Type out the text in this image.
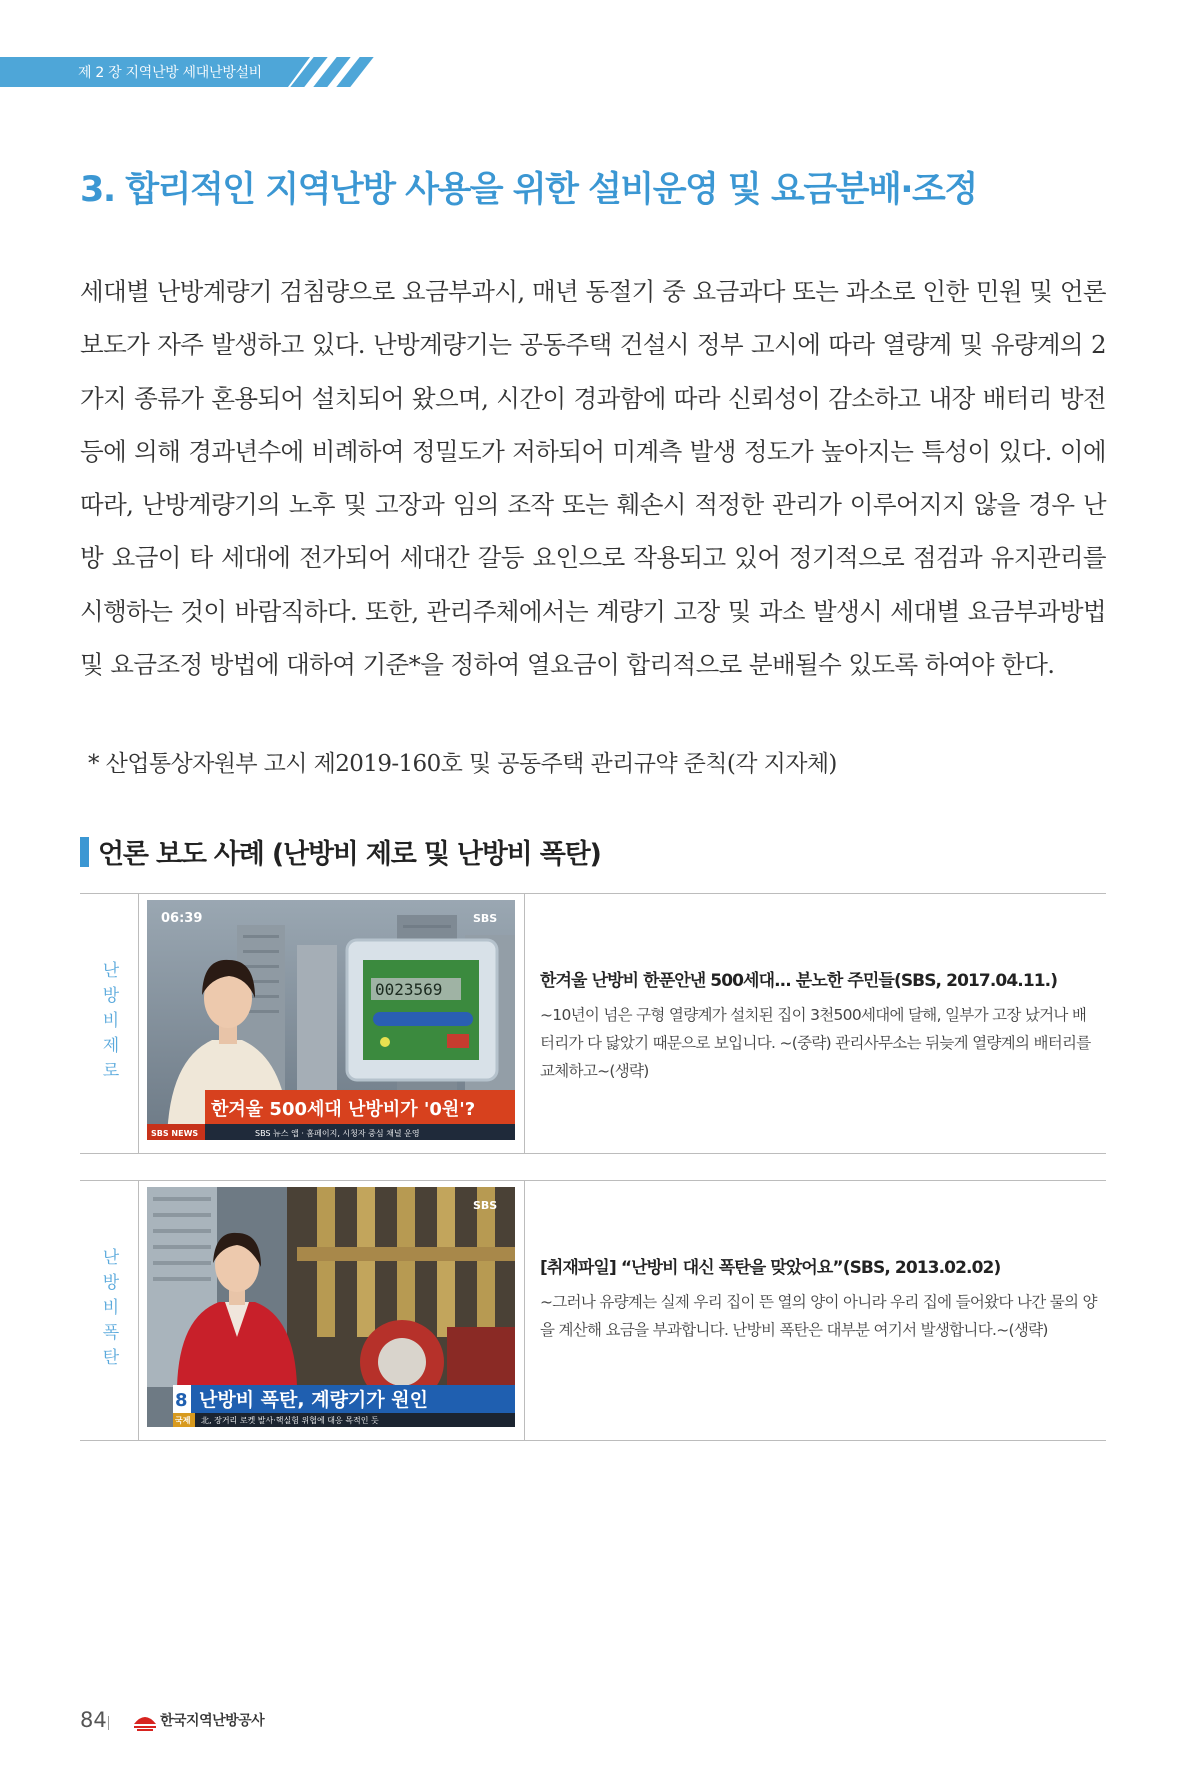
제 2 장 지역난방 세대난방설비
3. 합리적인 지역난방 사용을 위한 설비운영 및 요금분배·조정

세대별 난방계량기 검침량으로 요금부과시, 매년 동절기 중 요금과다 또는 과소로 인한 민원 및 언론보도가 자주 발생하고 있다. 난방계량기는 공동주택 건설시 정부 고시에 따라 열량계 및 유량계의 2가지 종류가 혼용되어 설치되어 왔으며, 시간이 경과함에 따라 신뢰성이 감소하고 내장 배터리 방전 등에 의해 경과년수에 비례하여 정밀도가 저하되어 미계측 발생 정도가 높아지는 특성이 있다. 이에 따라, 난방계량기의 노후 및 고장과 임의 조작 또는 훼손시 적정한 관리가 이루어지지 않을 경우 난방 요금이 타 세대에 전가되어 세대간 갈등 요인으로 작용되고 있어 정기적으로 점검과 유지관리를 시행하는 것이 바람직하다. 또한, 관리주체에서는 계량기 고장 및 과소 발생시 세대별 요금부과방법 및 요금조정 방법에 대하여 기준*을 정하여 열요금이 합리적으로 분배될수 있도록 하여야 한다.

* 산업통상자원부 고시 제2019-160호 및 공동주택 관리규약 준칙(각 지자체)
언론 보도 사례 (난방비 제로 및 난방비 폭탄)
난방비제로	0023569
06:39	SBS
한겨울 500세대 난방비가 '0원'?
SBS NEWS	SBS 뉴스 앱 · 홈페이지, 시청자 중심 채널 운영

한겨울 난방비 한푼안낸 500세대... 분노한 주민들(SBS, 2017.04.11.)

~10년이 넘은 구형 열량계가 설치된 집이 3천500세대에 달해, 일부가 고장 났거나 배터리가 다 닳았기 때문으로 보입니다. ~(중략) 관리사무소는 뒤늦게 열량계의 배터리를 교체하고~(생략)

난방비폭탄
SBS
8 난방비 폭탄, 계량기가 원인
국제 北, 장거리 로켓 발사·핵실험 위협에 대응 목적인 듯

[취재파일] “난방비 대신 폭탄을 맞았어요”(SBS, 2013.02.02)

~그러나 유량계는 실제 우리 집이 뜬 열의 양이 아니라 우리 집에 들어왔다 나간 물의 양을 계산해 요금을 부과합니다. 난방비 폭탄은 대부분 여기서 발생합니다.~(생략)

84	한국지역난방공사
